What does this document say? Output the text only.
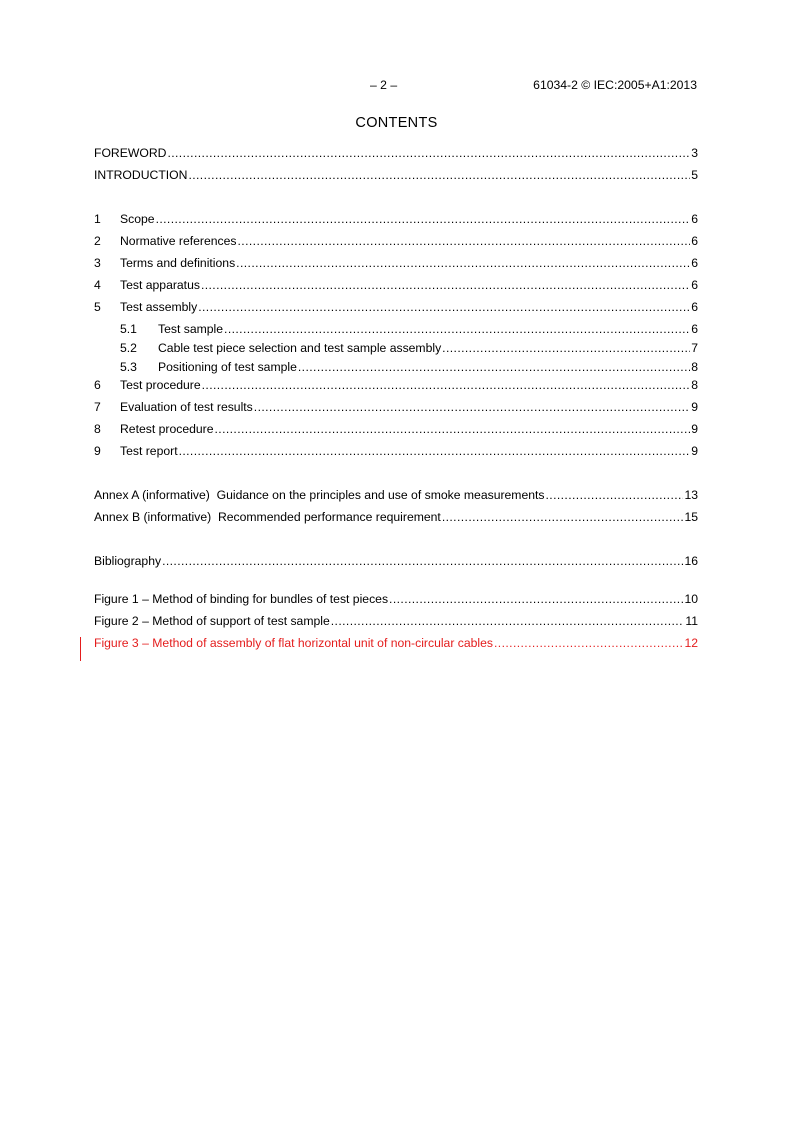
– 2 –	61034-2 © IEC:2005+A1:2013
CONTENTS
FOREWORD .....	3
INTRODUCTION .....	5
1	Scope .....	6
2	Normative references .....	6
3	Terms and definitions .....	6
4	Test apparatus .....	6
5	Test assembly .....	6
5.1	Test sample .....	6
5.2	Cable test piece selection and test sample assembly .....	7
5.3	Positioning of test sample .....	8
6	Test procedure .....	8
7	Evaluation of test results .....	9
8	Retest procedure .....	9
9	Test report .....	9
Annex A (informative)  Guidance on the principles and use of smoke measurements .....	13
Annex B (informative)  Recommended performance requirement .....	15
Bibliography .....	16
Figure 1 – Method of binding for bundles of test pieces .....	10
Figure 2 – Method of support of test sample .....	11
Figure 3 – Method of assembly of flat horizontal unit of non-circular cables .....	12
